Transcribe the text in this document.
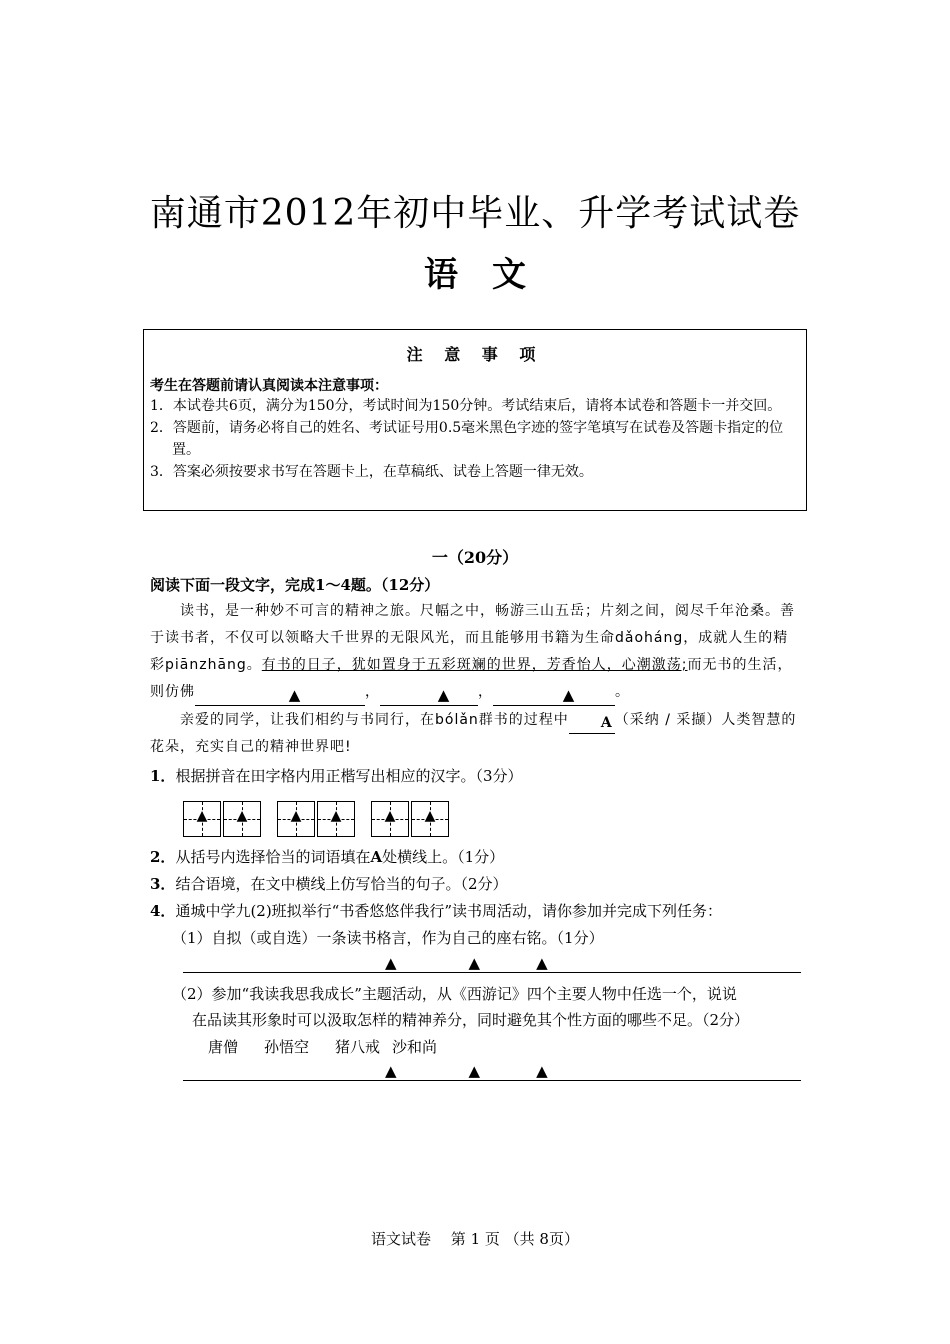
南通市2012年初中毕业、升学考试试卷
语文
注 意 事 项
考生在答题前请认真阅读本注意事项：
1．本试卷共6页，满分为150分，考试时间为150分钟。考试结束后，请将本试卷和答题卡一并交回。
2．答题前，请务必将自己的姓名、考试证号用0.5毫米黑色字迹的签字笔填写在试卷及答题卡指定的位置。
3．答案必须按要求书写在答题卡上，在草稿纸、试卷上答题一律无效。
一（20分）
阅读下面一段文字，完成1～4题。（12分）
读书，是一种妙不可言的精神之旅。尺幅之中，畅游三山五岳；片刻之间，阅尽千年沧桑。善于读书者，不仅可以领略大千世界的无限风光，而且能够用书籍为生命dǎoháng，成就人生的精彩piānzhāng。有书的日子，犹如置身于五彩斑斓的世界，芳香怡人，心潮激荡;而无书的生活，则仿佛	▲	，	▲ ，	▲	。
亲爱的同学，让我们相约与书同行，在bólǎn群书的过程中 A （采纳 / 采撷）人类智慧的花朵，充实自己的精神世界吧!
1．根据拼音在田字格内用正楷写出相应的汉字。（3分）
▲	▲	▲	▲	▲	▲
2．从括号内选择恰当的词语填在A处横线上。（1分）
3．结合语境，在文中横线上仿写恰当的句子。（2分）
4．通城中学九(2)班拟举行“书香悠悠伴我行”读书周活动，请你参加并完成下列任务：
（1）自拟（或自选）一条读书格言，作为自己的座右铭。（1分）
▲	▲	▲
（2）参加“我读我思我成长”主题活动，从《西游记》四个主要人物中任选一个，说说
在品读其形象时可以汲取怎样的精神养分，同时避免其个性方面的哪些不足。（2分）
唐僧 孙悟空 猪八戒 沙和尚
▲	▲	▲
语文试卷　 第 1 页 （共 8页）
